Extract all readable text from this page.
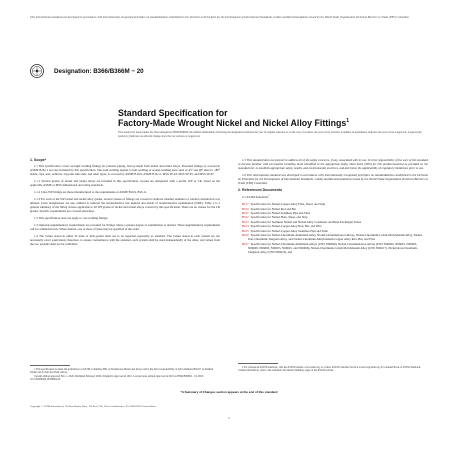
This international standard was developed in accordance with internationally recognized principles on standardization established in the Decision on Principles for the Development of International Standards, Guides and Recommendations issued by the World Trade Organization Technical Barriers to Trade (TBT) Committee.
Designation: B366/B366M − 20
Standard Specification for
Factory-Made Wrought Nickel and Nickel Alloy Fittings$^1$
This standard is issued under the fixed designation B366/B366M; the number immediately following the designation indicates the year of original adoption or, in the case of revision, the year of last revision. A number in parentheses indicates the year of last reapproval. A superscript epsilon (ε) indicates an editorial change since the last revision or reapproval.
1. Scope*

1.1 This specification covers wrought welding fittings for pressure piping, factory-made from nickel and nickel alloys. Threaded fittings as covered in ASME B16.11 are also included by this specification. The term welding applies to butt-welding or socket-welding parts such as 45° and 90° elbows, 180° bends, caps, tees, reducers, lap-joint stub ends, and other types, as covered by ASME B16.9, ASME B16.11, MSS SP-43, MSS SP-95, and MSS SP-97.

1.1.1 Several grades of nickel and nickel alloys are included in this specification. Grades are designated with a prefix, WP or CR, based on the applicable ASME or MSS dimensional and rating standards.

1.1.2 Class WP fittings are those manufactured to the requirements of ASME B16.9, B16.11.

1.1.3 For each of the WP nickel and nickel alloy grades, several classes of fittings are covered to indicate whether seamless or welded construction was utilized. Class designations are also utilized to indicate the nondestructive test method and extent of nondestructive examination (NDE). Table 1 is a general summary of the fitting classes applicable to all WP grades of nickel and nickel alloys covered by this specification. There are no classes for the CR grades. Specific requirements are covered elsewhere.

1.2 This specification does not apply to cast welding fittings.

1.3 Optional supplementary requirements are provided for fittings where a greater degree of examination is desired. These supplementary requirements call for additional tests. When desired, one or more of these may be specified in the order.

1.4 The values stated in either SI units or inch-pound units are to be regarded separately as standard. The values stated in each system are not necessarily exact equivalents; therefore, to ensure conformance with the standard, each system shall be used independently of the other, and values from the two systems shall not be combined.

1.5 This standard does not purport to address all of the safety concerns, if any, associated with its use. It is the responsibility of the user of this standard to become familiar with all hazards including those identified in the appropriate Safety Data Sheet (SDS) for this product/material as provided by the manufacturer, to establish appropriate safety, health, and environmental practices, and determine the applicability of regulatory limitations prior to use.

1.6 This international standard was developed in accordance with internationally recognized principles on standardization established in the Decision on Principles for the Development of International Standards, Guides and Recommendations issued by the World Trade Organization Technical Barriers to Trade (TBT) Committee.

2. Referenced Documents

2.1 ASTM Standards:$^2$

B127 Specification for Nickel-Copper Alloy Plate, Sheet, and Strip
B160 Specification for Nickel Rod and Bar
B161 Specification for Nickel Seamless Pipe and Tube
B162 Specification for Nickel Plate, Sheet, and Strip
B163 Specification for Seamless Nickel and Nickel Alloy Condenser and Heat-Exchanger Tubes
B164 Specification for Nickel-Copper Alloy Rod, Bar, and Wire
B165 Specification for Nickel-Copper Alloy Seamless Pipe and Tube
B166 Specification for Nickel-Chromium-Aluminum Alloy, Nickel-Chromium-Iron Alloys, Nickel-Chromium-Cobalt-Molybdenum Alloy, Nickel-Iron-Chromium-Tungsten Alloy, and Nickel-Chromium-Molybdenum-Copper Alloy Rod, Bar, and Wire
B167 Specification for Nickel-Chromium-Aluminum Alloys (UNS N06699), Nickel-Chromium-Iron Alloys (UNS N06600, N06601, N06603, N06690, N06693, N06025, N06045, and N06696), Nickel-Chromium-Cobalt-Molybdenum Alloy (UNS N06617), Nickel-Iron-Chromium-Tungsten Alloy (UNS N06674), and
1 This specification is under the jurisdiction of ASTM Committee B02 on Nonferrous Metals and Alloys and is the direct responsibility of Subcommittee B02.07 on Refined Nickel and Cobalt and Their Alloys.
Current edition approved Feb. 1, 2020. Published February 2020. Originally approved in 1961. Last previous edition approved in 2019 as B366/B366M − 19. DOI: 10.1520/B0366_B0366M-20.
2 For referenced ASTM standards, visit the ASTM website, www.astm.org, or contact ASTM Customer Service at service@astm.org. For Annual Book of ASTM Standards volume information, refer to the standard's Document Summary page on the ASTM website.
*A Summary of Changes section appears at the end of this standard
Copyright © ASTM International, 100 Barr Harbor Drive, PO Box C700, West Conshohocken, PA 19428-2959. United States
1
